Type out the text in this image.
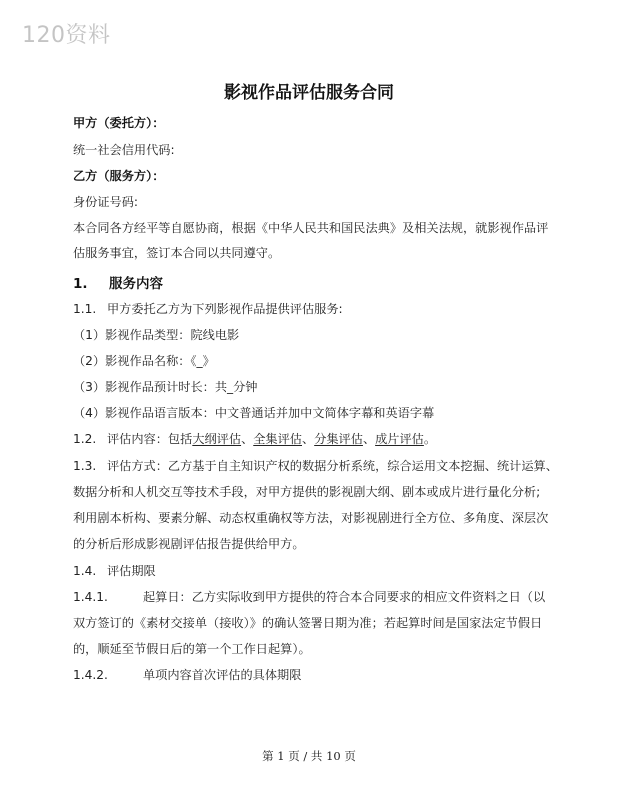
120资料
影视作品评估服务合同
甲方（委托方）：
统一社会信用代码:
乙方（服务方）：
身份证号码:
本合同各方经平等自愿协商，根据《中华人民共和国民法典》及相关法规，就影视作品评
估服务事宜，签订本合同以共同遵守。
1. 服务内容
1.1. 甲方委托乙方为下列影视作品提供评估服务:
（1）影视作品类型：院线电影
（2）影视作品名称：《_》
（3）影视作品预计时长：共_分钟
（4）影视作品语言版本：中文普通话并加中文简体字幕和英语字幕
1.2. 评估内容：包括大纲评估、全集评估、分集评估、成片评估。
1.3. 评估方式：乙方基于自主知识产权的数据分析系统，综合运用文本挖掘、统计运算、
数据分析和人机交互等技术手段，对甲方提供的影视剧大纲、剧本或成片进行量化分析;
利用剧本析构、要素分解、动态权重确权等方法，对影视剧进行全方位、多角度、深层次
的分析后形成影视剧评估报告提供给甲方。
1.4. 评估期限
1.4.1.	起算日：乙方实际收到甲方提供的符合本合同要求的相应文件资料之日（以
双方签订的《素材交接单（接收）》的确认签署日期为准；若起算时间是国家法定节假日
的，顺延至节假日后的第一个工作日起算）。
1.4.2.	单项内容首次评估的具体期限
第 1 页 / 共 10 页
